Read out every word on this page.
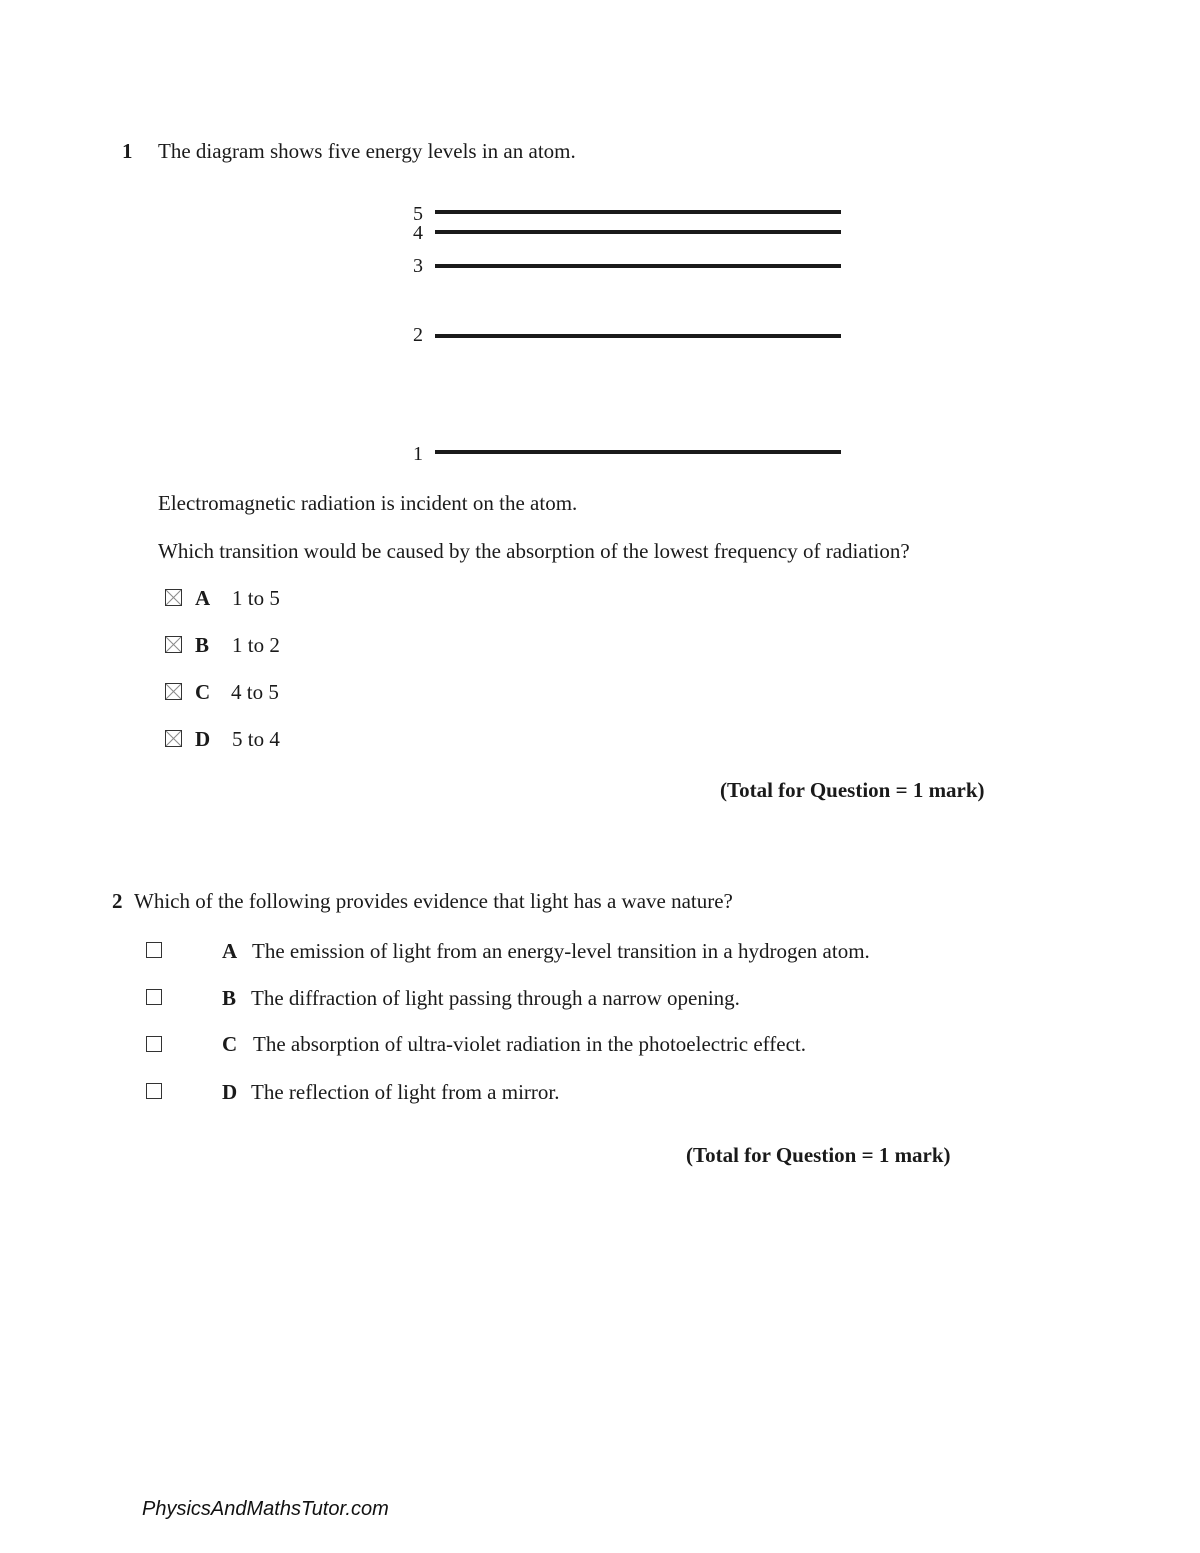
1 The diagram shows five energy levels in an atom.
5
4
3
2
1
Electromagnetic radiation is incident on the atom.
Which transition would be caused by the absorption of the lowest frequency of radiation?
A 1 to 5
B 1 to 2
C 4 to 5
D 5 to 4
(Total for Question = 1 mark)
2 Which of the following provides evidence that light has a wave nature?
A The emission of light from an energy-level transition in a hydrogen atom.
B The diffraction of light passing through a narrow opening.
C The absorption of ultra-violet radiation in the photoelectric effect.
D The reflection of light from a mirror.
(Total for Question = 1 mark)
PhysicsAndMathsTutor.com
